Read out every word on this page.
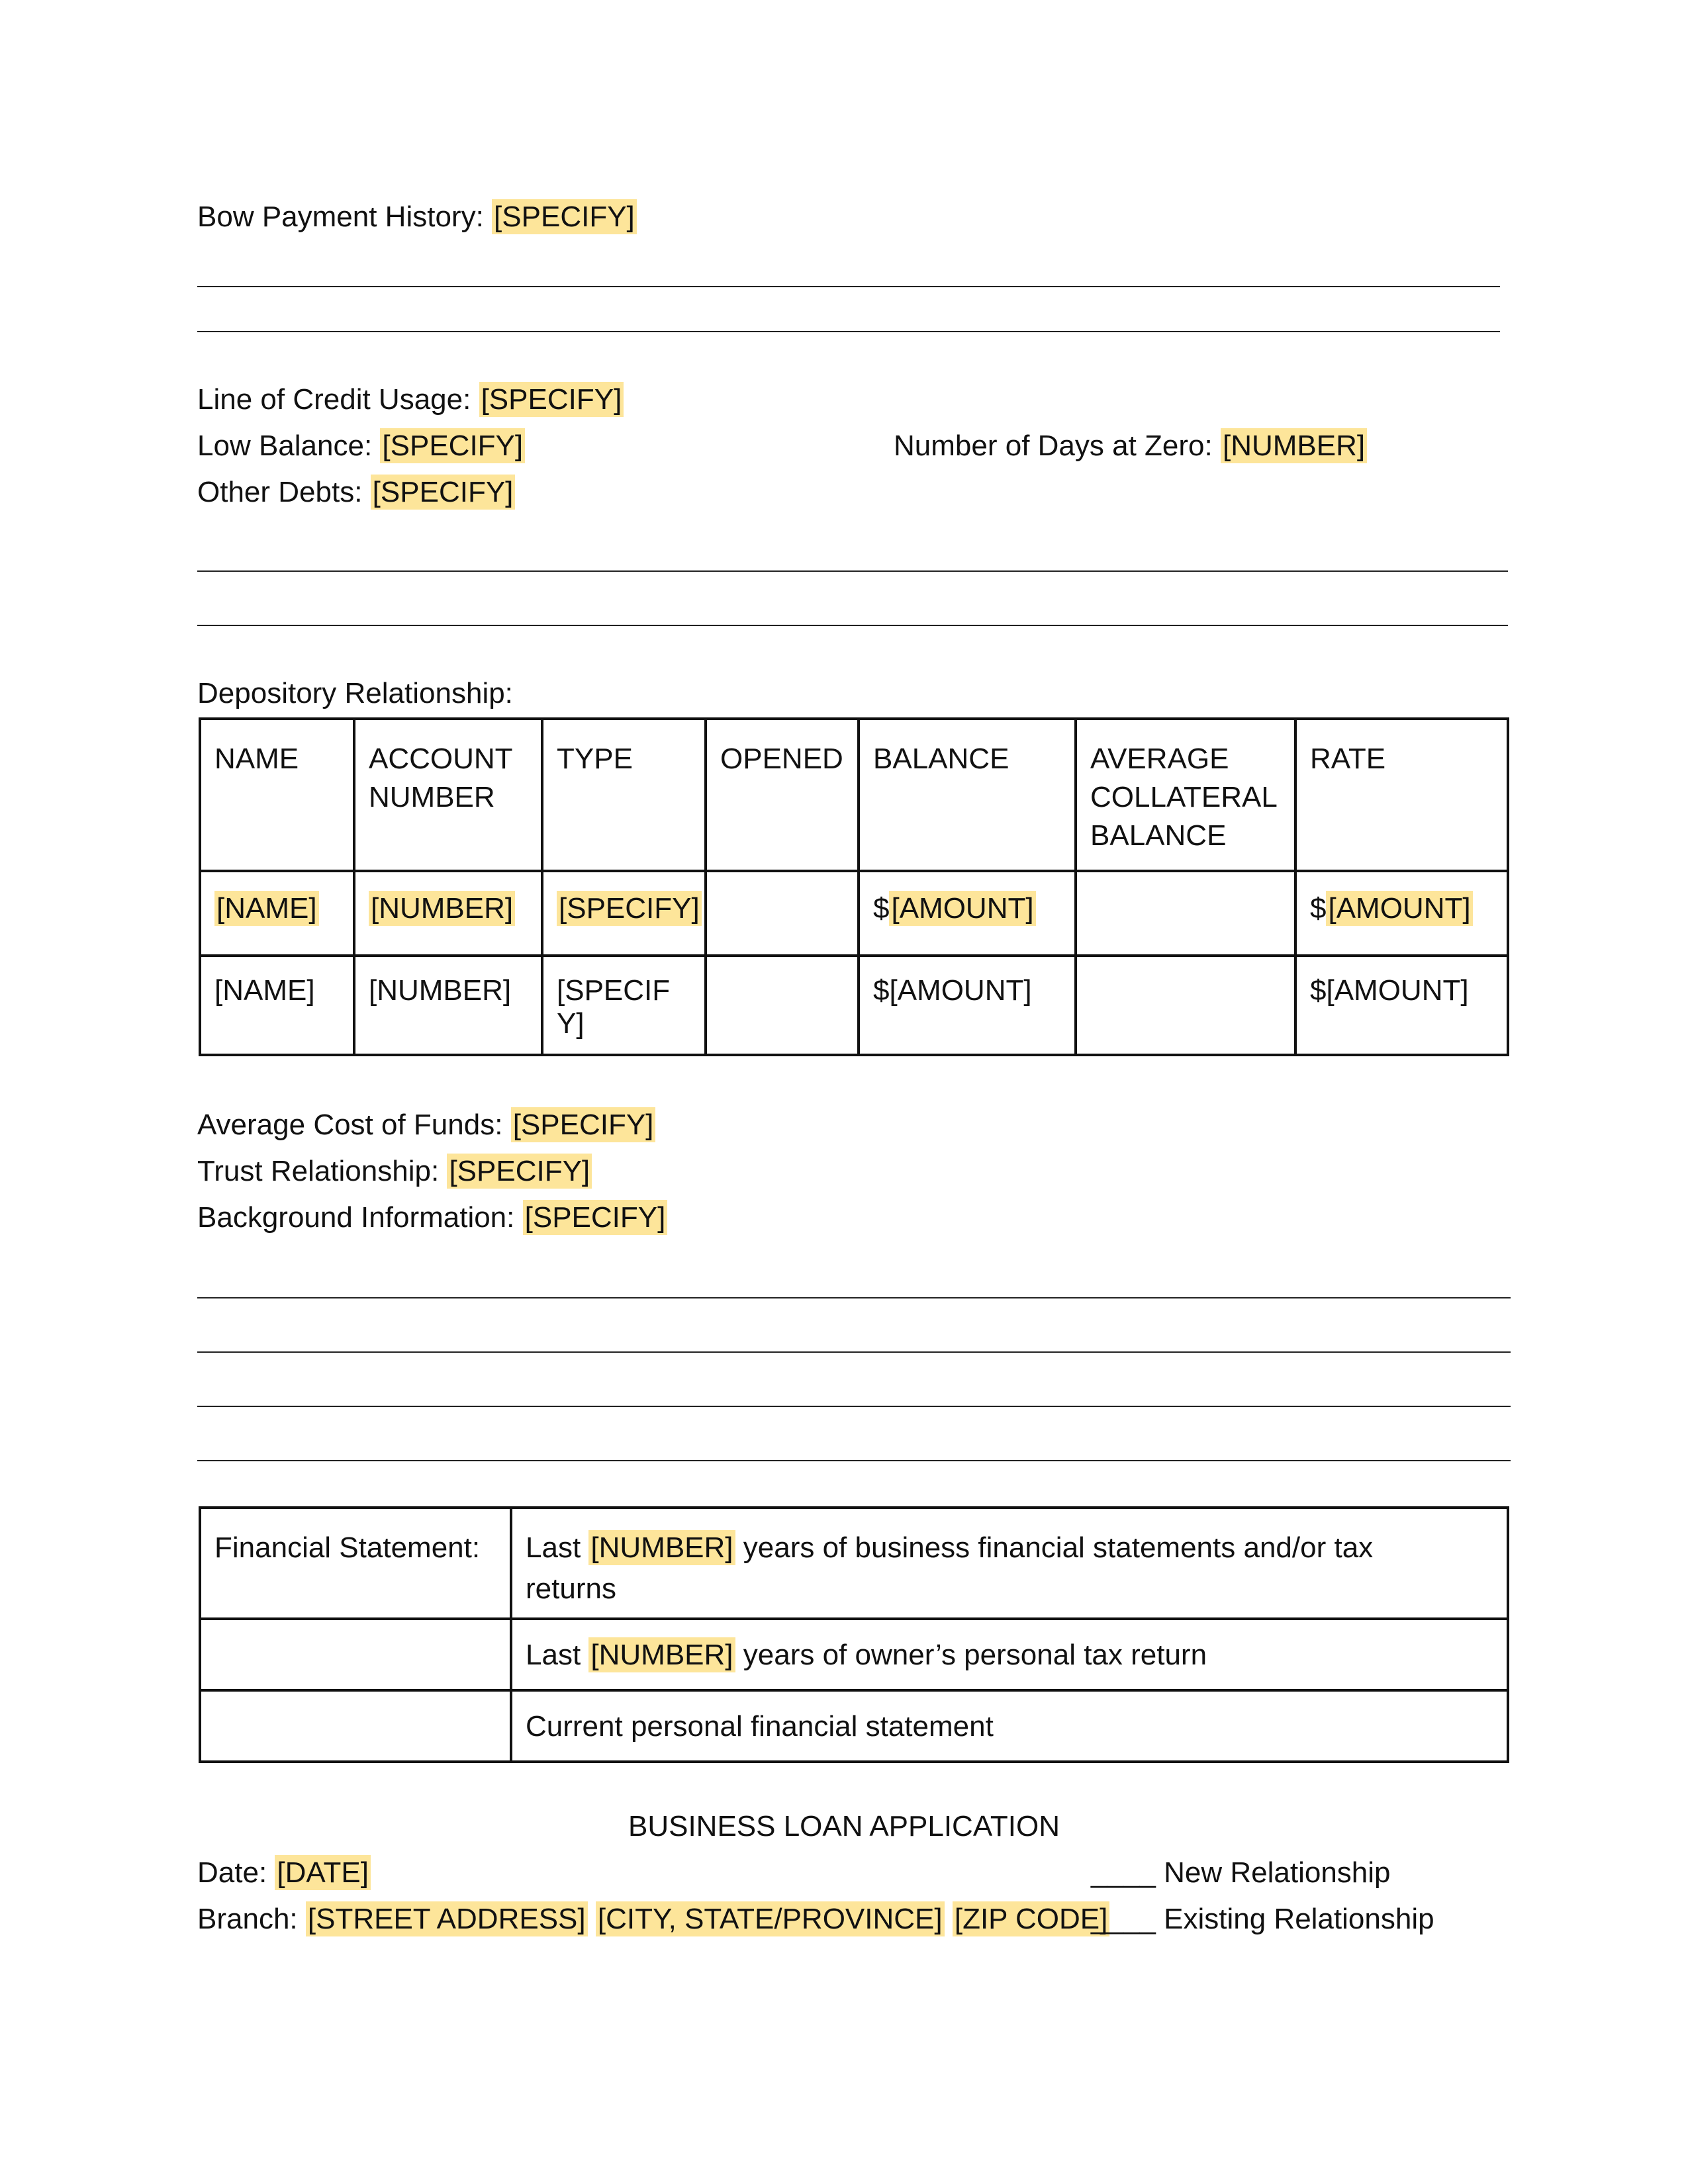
Bow Payment History: [SPECIFY]
Line of Credit Usage: [SPECIFY]
Low Balance: [SPECIFY]	Number of Days at Zero: [NUMBER]
Other Debts: [SPECIFY]
Depository Relationship:
NAME	ACCOUNT NUMBER	TYPE	OPENED	BALANCE	AVERAGE COLLATERAL BALANCE	RATE

[NAME]	[NUMBER]	[SPECIFY]		$[AMOUNT]		$[AMOUNT]

[NAME]	[NUMBER]	[SPECIFY]		$[AMOUNT]		$[AMOUNT]
Average Cost of Funds: [SPECIFY]
Trust Relationship: [SPECIFY]
Background Information: [SPECIFY]
Financial Statement:	Last [NUMBER] years of business financial statements and/or tax
returns

	Last [NUMBER] years of owner’s personal tax return

	Current personal financial statement
BUSINESS LOAN APPLICATION
Date: [DATE]
Branch: [STREET ADDRESS] [CITY, STATE/PROVINCE] [ZIP CODE]
____ New Relationship
____ Existing Relationship
